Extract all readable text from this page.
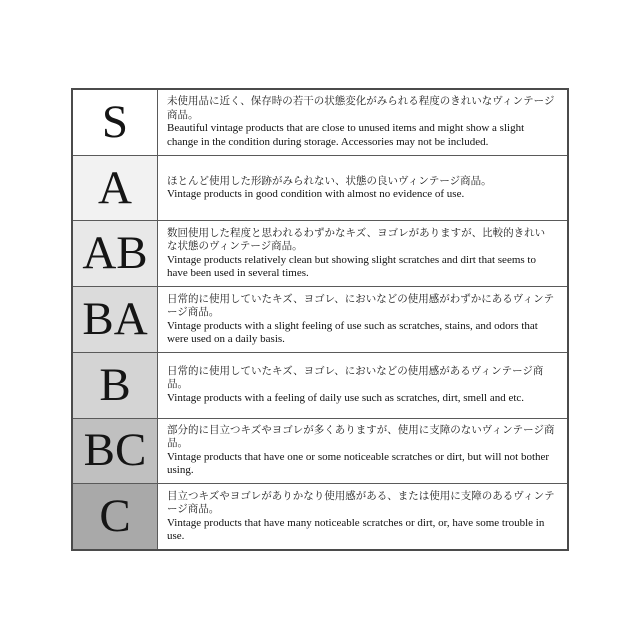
S	未使用品に近く、保存時の若干の状態変化がみられる程度のきれいなヴィンテージ商品。

Beautiful vintage products that are close to unused items and might show a slight change in the condition during storage. Accessories may not be included.

A	ほとんど使用した形跡がみられない、状態の良いヴィンテージ商品。

Vintage products in good condition with almost no evidence of use.

AB 数回使用した程度と思われるわずかなキズ、ヨゴレがありますが、比較的きれいな状態のヴィンテージ商品。

Vintage products relatively clean but showing slight scratches and dirt that seems to have been used in several times.

BA 日常的に使用していたキズ、ヨゴレ、においなどの使用感がわずかにあるヴィンテージ商品。

Vintage products with a slight feeling of use such as scratches, stains, and odors that were used on a daily basis.

B	日常的に使用していたキズ、ヨゴレ、においなどの使用感があるヴィンテージ商品。

Vintage products with a feeling of daily use such as scratches, dirt, smell and etc.

BC 部分的に目立つキズやヨゴレが多くありますが、使用に支障のないヴィンテージ商品。

Vintage products that have one or some noticeable scratches or dirt, but will not bother using.

C	目立つキズやヨゴレがありかなり使用感がある、または使用に支障のあるヴィンテージ商品。

Vintage products that have many noticeable scratches or dirt, or, have some trouble in use.
